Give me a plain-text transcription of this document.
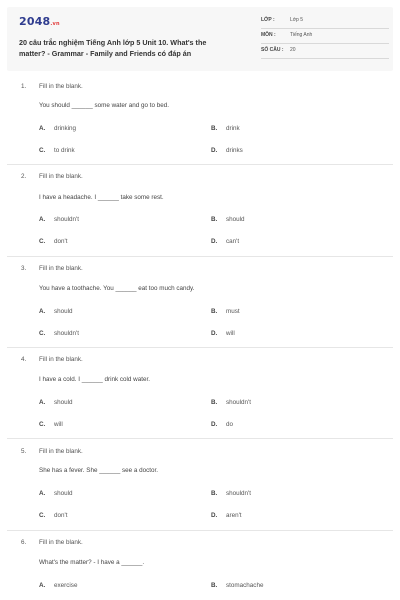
2048.vn
20 câu trắc nghiệm Tiếng Anh lớp 5 Unit 10. What's the matter? - Grammar - Family and Friends có đáp án
LỚP :	Lớp 5
MÔN :	Tiếng Anh
SỐ CÂU : 20
1. Fill in the blank.
You should ______ some water and go to bed.
A. drinking	B. drink
C. to drink	D. drinks
2. Fill in the blank.
I have a headache. I ______ take some rest.
A. shouldn't	B. should
C. don't	D. can't
3. Fill in the blank.
You have a toothache. You ______ eat too much candy.
A. should	B. must
C. shouldn't	D. will
4. Fill in the blank.
I have a cold. I ______ drink cold water.
A. should	B. shouldn't
C. will	D. do
5. Fill in the blank.
She has a fever. She ______ see a doctor.
A. should	B. shouldn't
C. don't	D. aren't
6. Fill in the blank.
What's the matter? - I have a ______.
A. exercise	B. stomachache
